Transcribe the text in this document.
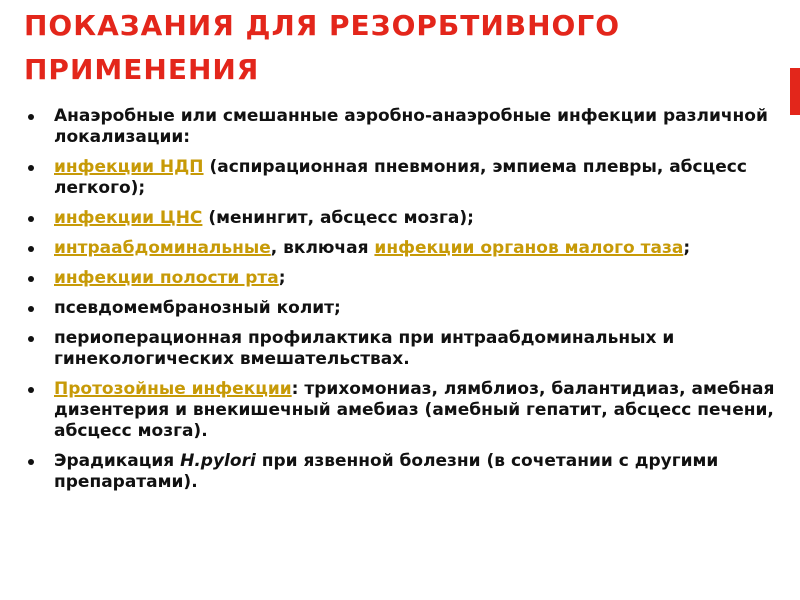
ПОКАЗАНИЯ ДЛЯ РЕЗОРБТИВНОГО ПРИМЕНЕНИЯ
Анаэробные или смешанные аэробно-анаэробные инфекции различной локализации:
инфекции НДП (аспирационная пневмония, эмпиема плевры, абсцесс легкого);
инфекции ЦНС (менингит, абсцесс мозга);
интраабдоминальные, включая инфекции органов малого таза;
инфекции полости рта;
псевдомембранозный колит;
периоперационная профилактика при интраабдоминальных и гинекологических вмешательствах.
Протозойные инфекции: трихомониаз, лямблиоз, балантидиаз, амебная дизентерия и внекишечный амебиаз (амебный гепатит, абсцесс печени, абсцесс мозга).
Эрадикация H.pylori при язвенной болезни (в сочетании с другими препаратами).
